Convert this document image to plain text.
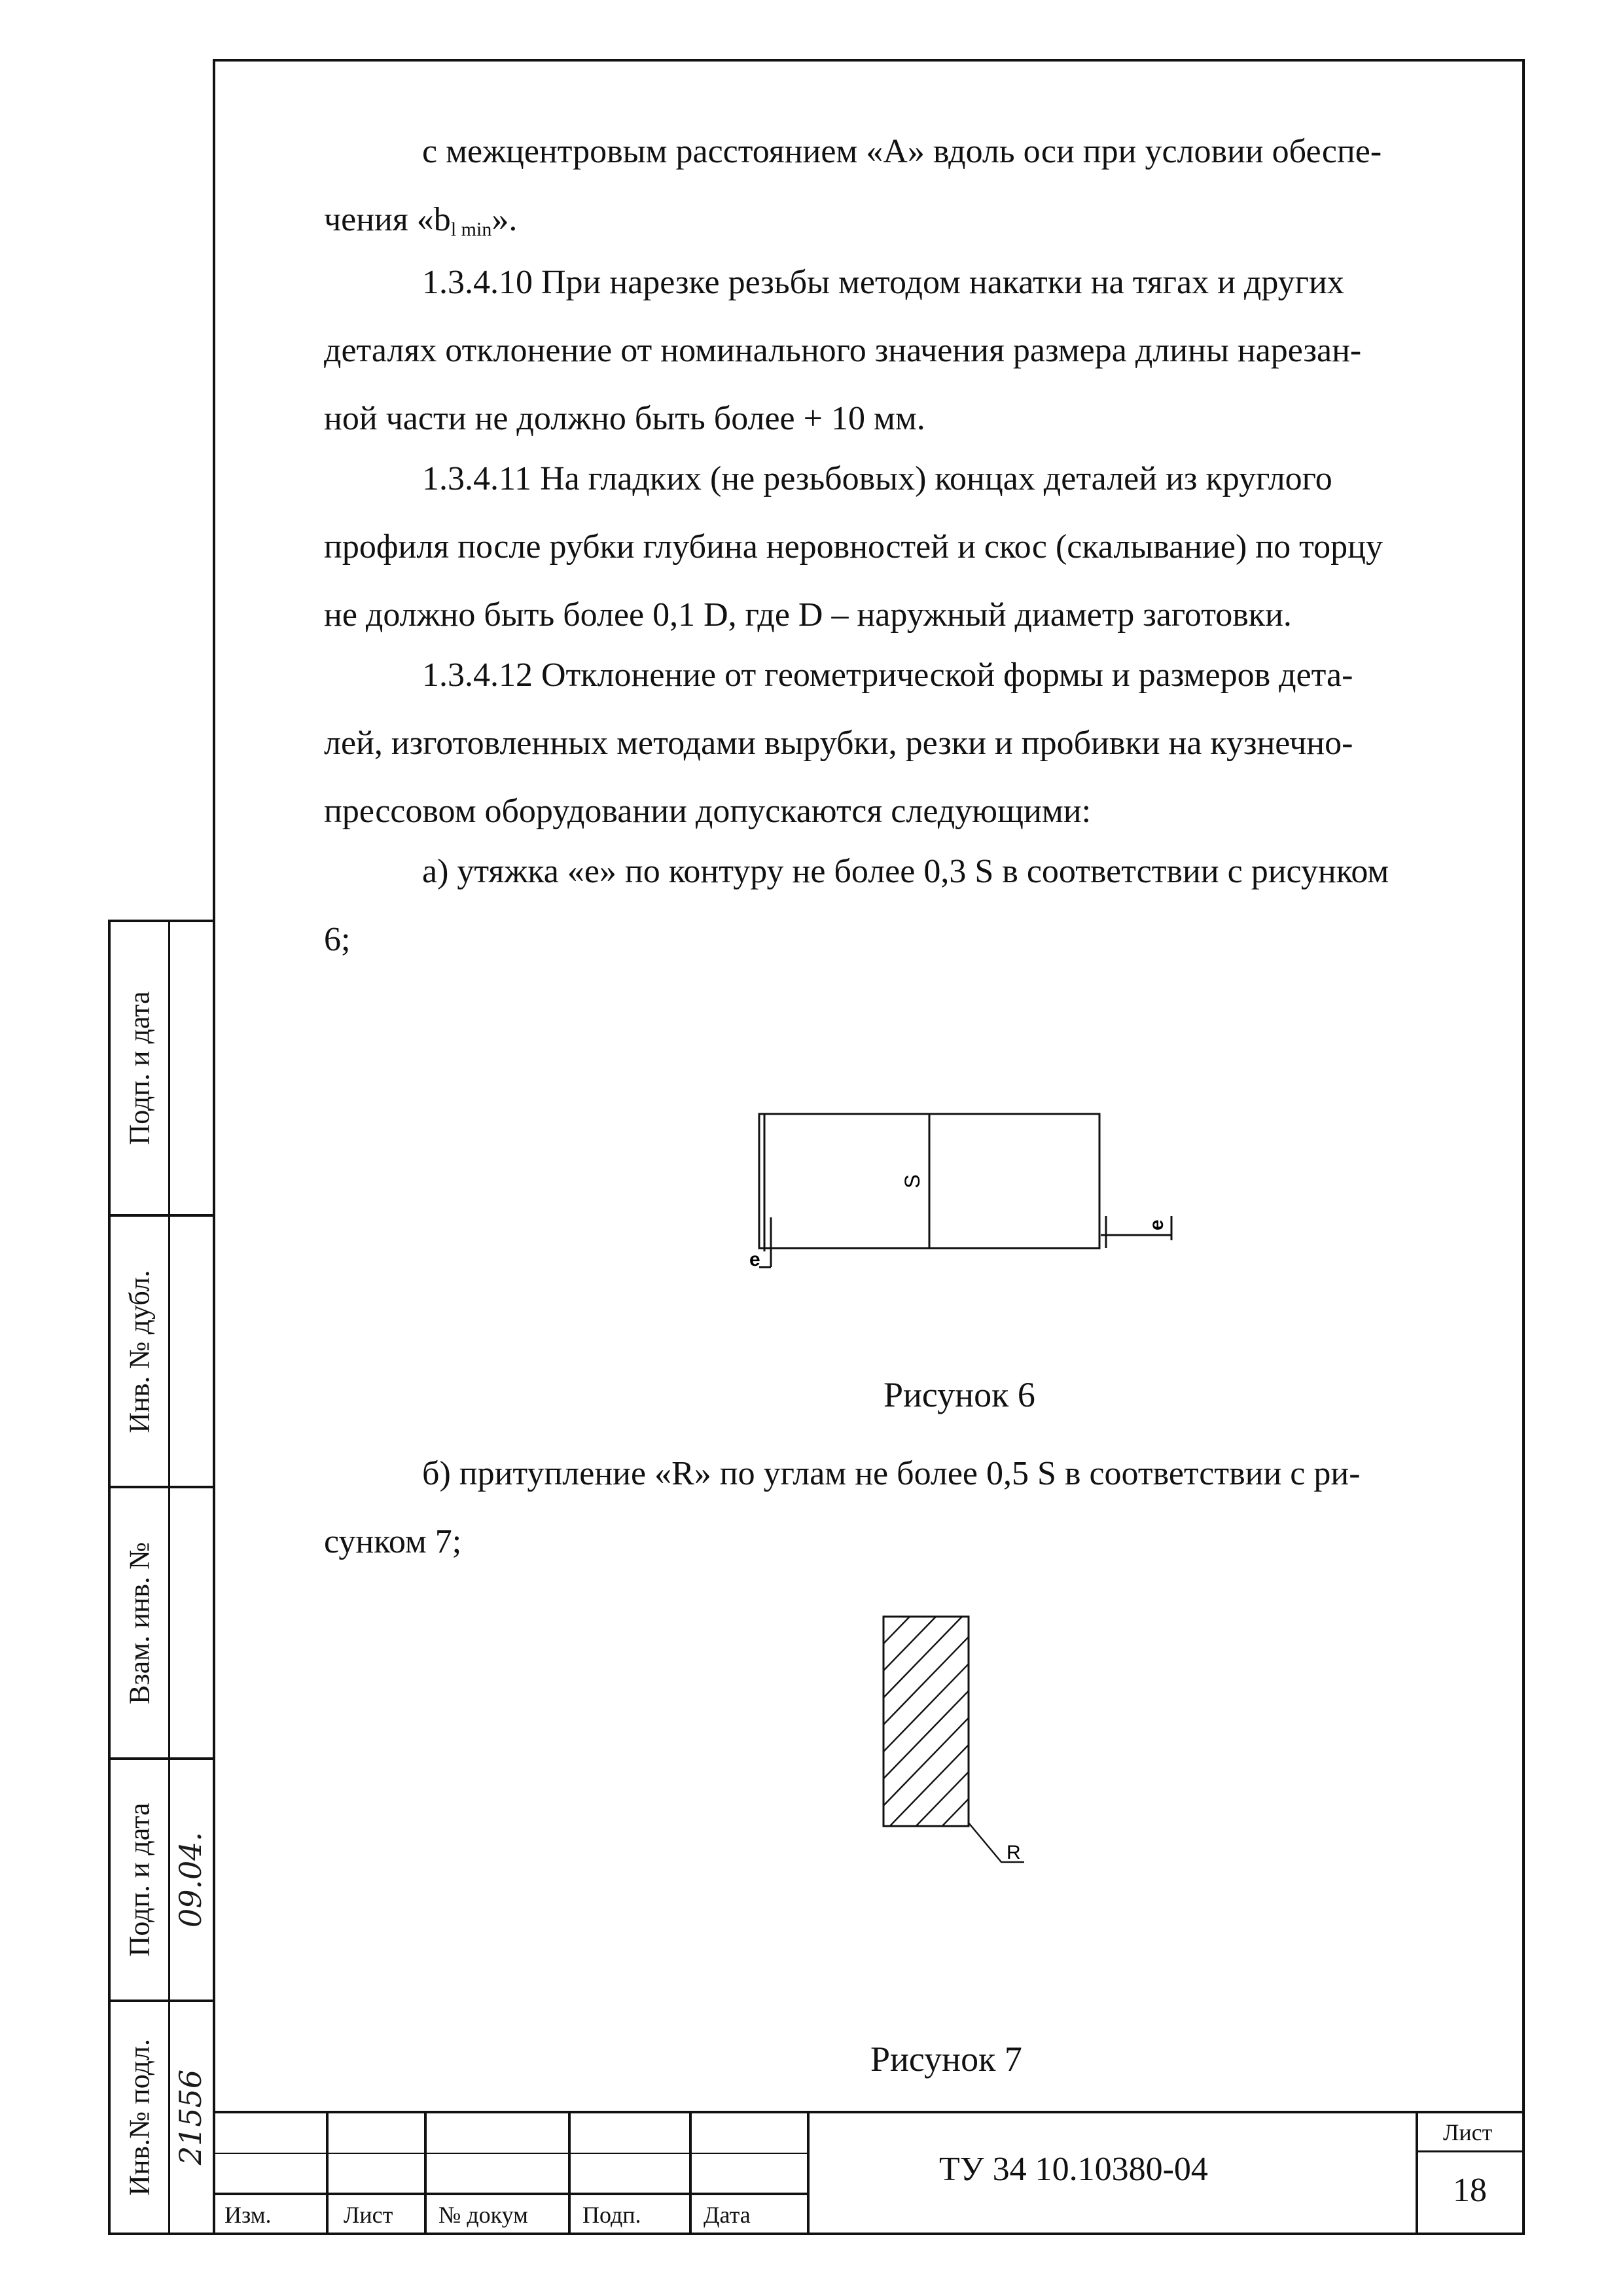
с межцентровым расстоянием «А» вдоль оси при условии обеспе-
чения «$b_{l min}$».
1.3.4.10 При нарезке резьбы методом накатки на тягах и других
деталях отклонение от номинального значения размера длины нарезан-
ной части не должно быть более + 10 мм.
1.3.4.11 На гладких (не резьбовых) концах деталей из круглого
профиля после рубки глубина неровностей и скос (скалывание) по торцу
не должно быть более 0,1 D, где D – наружный диаметр заготовки.
1.3.4.12 Отклонение от геометрической формы и размеров дета-
лей, изготовленных методами вырубки, резки и пробивки на кузнечно-
прессовом оборудовании допускаются следующими:
а) утяжка «е» по контуру не более 0,3 S в соответствии с рисунком
6;
S
e
e
Рисунок 6
б) притупление «R» по углам не более 0,5 S в соответствии с ри-
сунком 7;
R
Рисунок 7
Подп. и дата
Инв. № дубл.
Взам. инв. №
Подп. и дата 09.04.
Инв.№ подл. 21556
Изм.	Лист № докум Подп.	Дата
ТУ 34 10.10380-04
Лист
18
